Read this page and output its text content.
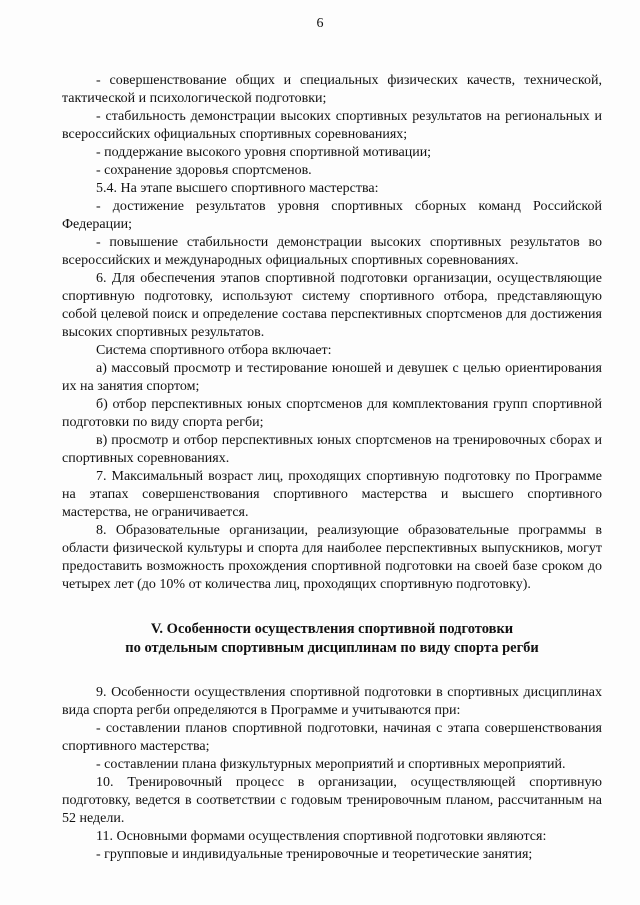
6

- совершенствование общих и специальных физических качеств, технической, тактической и психологической подготовки;

- стабильность демонстрации высоких спортивных результатов на региональных и всероссийских официальных спортивных соревнованиях;

- поддержание высокого уровня спортивной мотивации;

- сохранение здоровья спортсменов.

5.4. На этапе высшего спортивного мастерства:

- достижение результатов уровня спортивных сборных команд Российской Федерации;

- повышение стабильности демонстрации высоких спортивных результатов во всероссийских и международных официальных спортивных соревнованиях.

6. Для обеспечения этапов спортивной подготовки организации, осуществляющие спортивную подготовку, используют систему спортивного отбора, представляющую собой целевой поиск и определение состава перспективных спортсменов для достижения высоких спортивных результатов.

Система спортивного отбора включает:

а) массовый просмотр и тестирование юношей и девушек с целью ориентирования их на занятия спортом;

б) отбор перспективных юных спортсменов для комплектования групп спортивной подготовки по виду спорта регби;

в) просмотр и отбор перспективных юных спортсменов на тренировочных сборах и спортивных соревнованиях.

7. Максимальный возраст лиц, проходящих спортивную подготовку по Программе на этапах совершенствования спортивного мастерства и высшего спортивного мастерства, не ограничивается.

8. Образовательные организации, реализующие образовательные программы в области физической культуры и спорта для наиболее перспективных выпускников, могут предоставить возможность прохождения спортивной подготовки на своей базе сроком до четырех лет (до 10% от количества лиц, проходящих спортивную подготовку).

V. Особенности осуществления спортивной подготовки

по отдельным спортивным дисциплинам по виду спорта регби

9. Особенности осуществления спортивной подготовки в спортивных дисциплинах вида спорта регби определяются в Программе и учитываются при:

- составлении планов спортивной подготовки, начиная с этапа совершенствования спортивного мастерства;

- составлении плана физкультурных мероприятий и спортивных мероприятий.

10. Тренировочный процесс в организации, осуществляющей спортивную подготовку, ведется в соответствии с годовым тренировочным планом, рассчитанным на 52 недели.

11. Основными формами осуществления спортивной подготовки являются:

- групповые и индивидуальные тренировочные и теоретические занятия;
